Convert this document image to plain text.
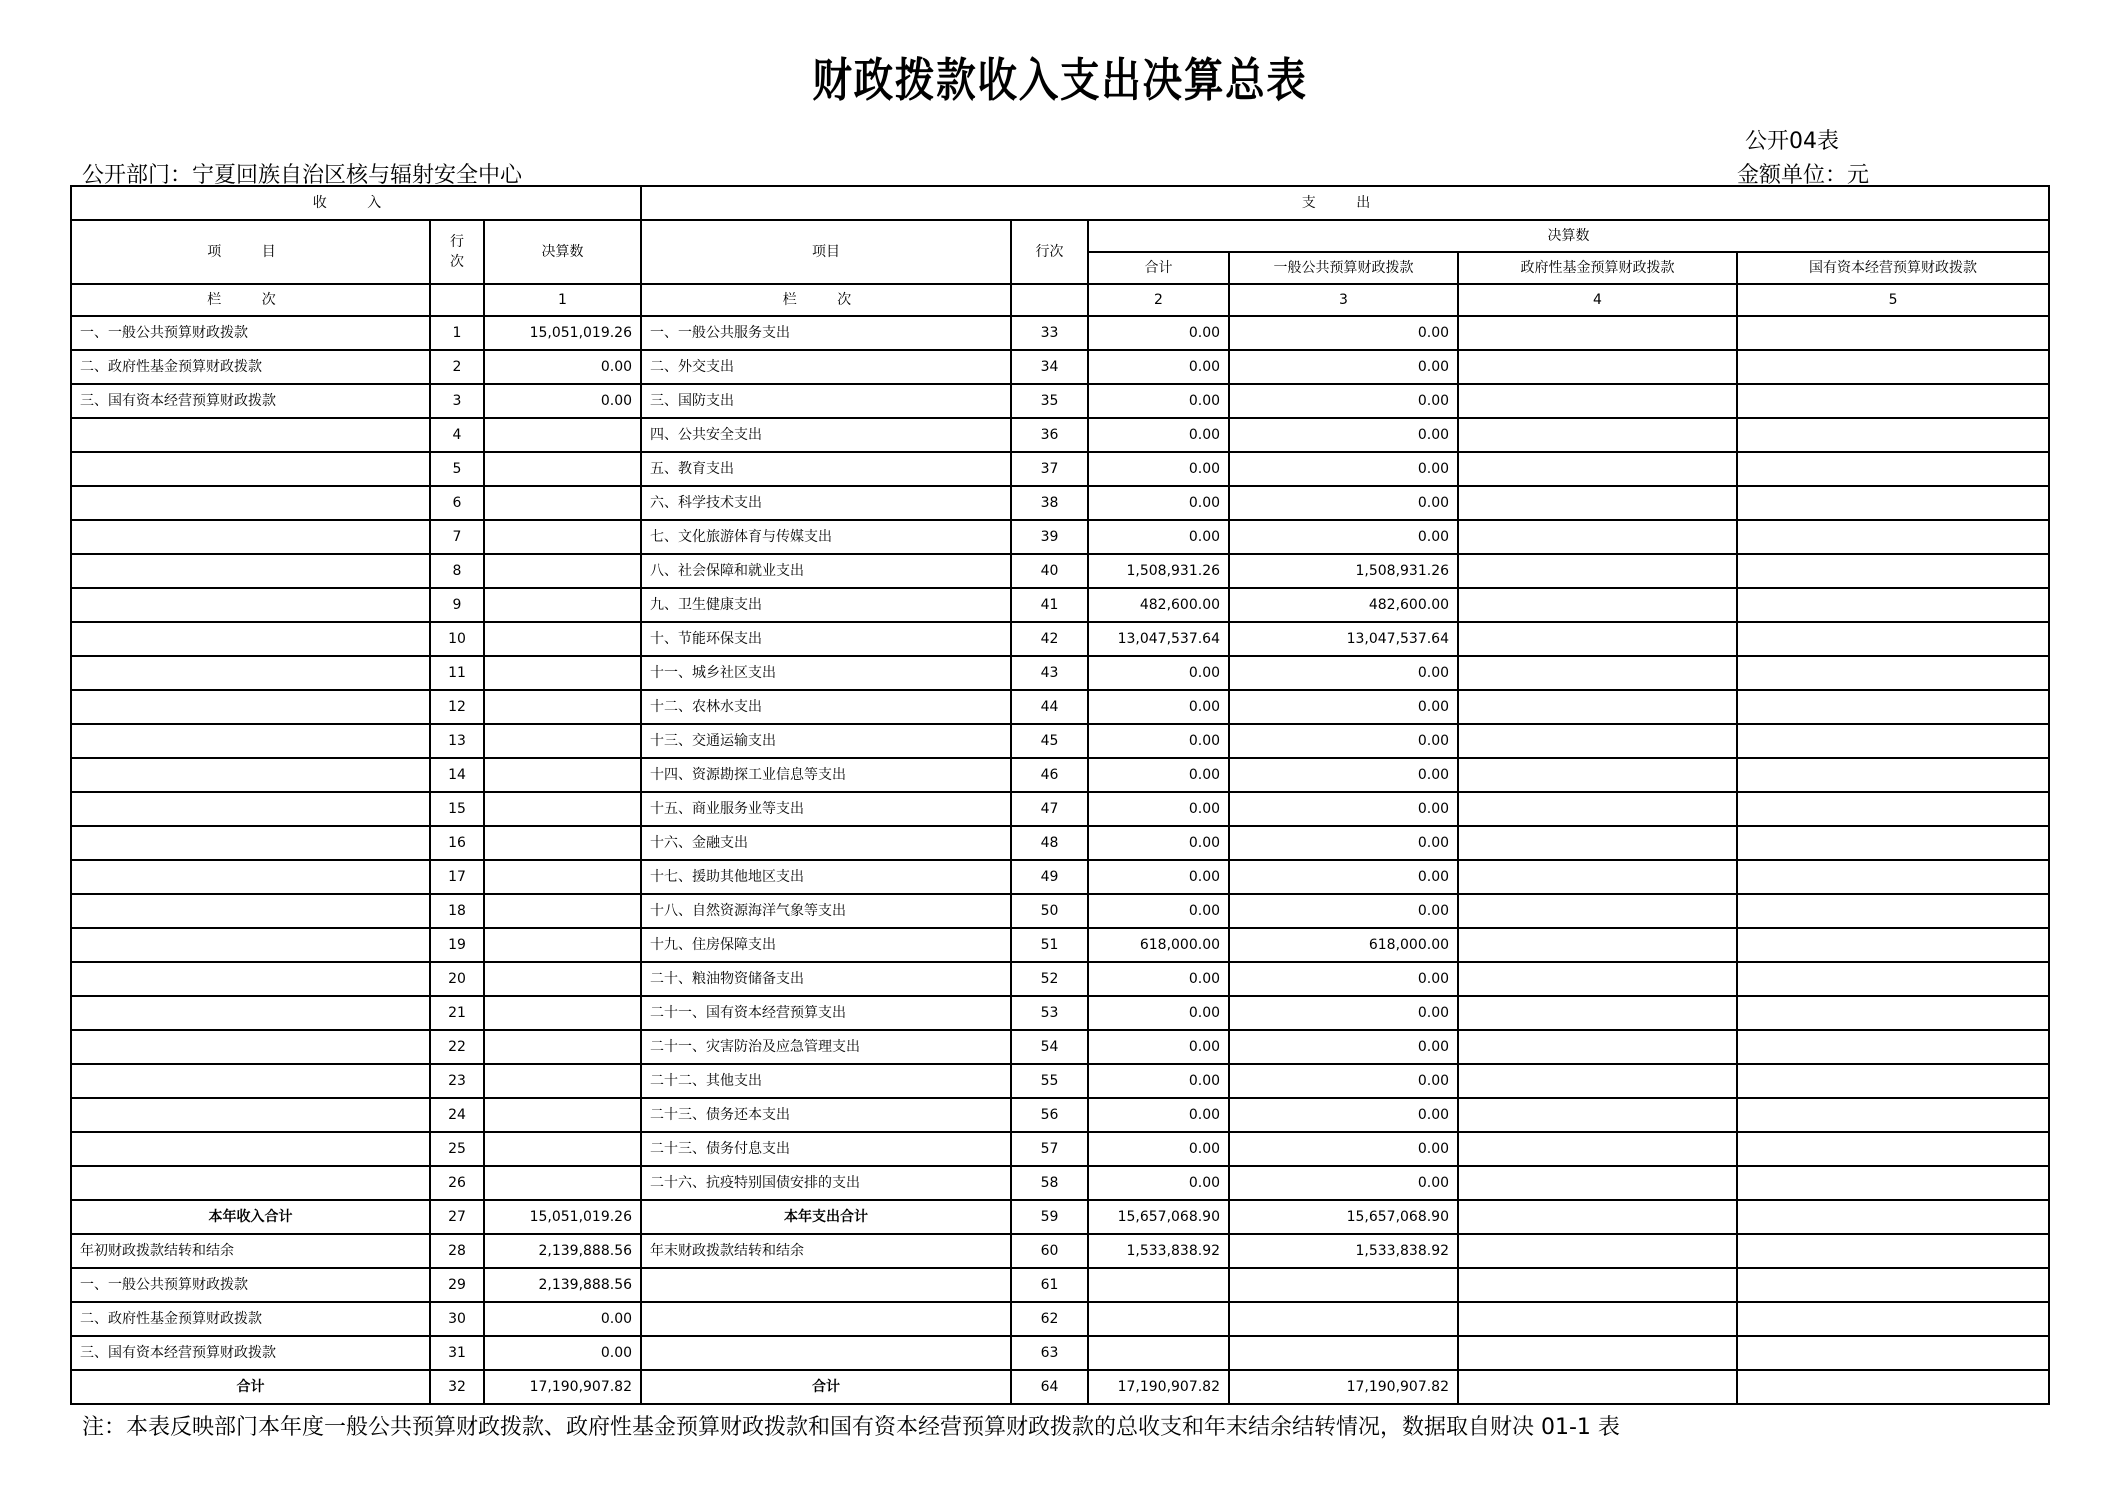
财政拨款收入支出决算总表
公开04表
公开部门：宁夏回族自治区核与辐射安全中心	金额单位：元
收 入			支 出					
项 目	行次	决算数	项目	行次	决算数			
					合计	一般公共预算财政拨款	政府性基金预算财政拨款	国有资本经营预算财政拨款
栏 次		1	栏 次		2	3	4	5
一、一般公共预算财政拨款	1	15,051,019.26	一、一般公共服务支出	33	0.00	0.00		
二、政府性基金预算财政拨款	2	0.00	二、外交支出	34	0.00	0.00		
三、国有资本经营预算财政拨款	3	0.00	三、国防支出	35	0.00	0.00		
	4		四、公共安全支出	36	0.00	0.00		
	5		五、教育支出	37	0.00	0.00		
	6		六、科学技术支出	38	0.00	0.00		
	7		七、文化旅游体育与传媒支出	39	0.00	0.00		
	8		八、社会保障和就业支出	40	1,508,931.26	1,508,931.26		
	9		九、卫生健康支出	41	482,600.00	482,600.00		
	10		十、节能环保支出	42	13,047,537.64	13,047,537.64		
	11		十一、城乡社区支出	43	0.00	0.00		
	12		十二、农林水支出	44	0.00	0.00		
	13		十三、交通运输支出	45	0.00	0.00		
	14		十四、资源勘探工业信息等支出	46	0.00	0.00		
	15		十五、商业服务业等支出	47	0.00	0.00		
	16		十六、金融支出	48	0.00	0.00		
	17		十七、援助其他地区支出	49	0.00	0.00		
	18		十八、自然资源海洋气象等支出	50	0.00	0.00		
	19		十九、住房保障支出	51	618,000.00	618,000.00		
	20		二十、粮油物资储备支出	52	0.00	0.00		
	21		二十一、国有资本经营预算支出	53	0.00	0.00		
	22		二十一、灾害防治及应急管理支出	54	0.00	0.00		
	23		二十二、其他支出	55	0.00	0.00		
	24		二十三、债务还本支出	56	0.00	0.00		
	25		二十三、债务付息支出	57	0.00	0.00		
	26		二十六、抗疫特别国债安排的支出	58	0.00	0.00		
本年收入合计	27	15,051,019.26	本年支出合计	59	15,657,068.90	15,657,068.90		
年初财政拨款结转和结余	28	2,139,888.56	年末财政拨款结转和结余	60	1,533,838.92	1,533,838.92		
一、一般公共预算财政拨款	29	2,139,888.56		61				
二、政府性基金预算财政拨款	30	0.00		62				
三、国有资本经营预算财政拨款	31	0.00		63				
合计	32	17,190,907.82	合计	64	17,190,907.82	17,190,907.82		
注：本表反映部门本年度一般公共预算财政拨款、政府性基金预算财政拨款和国有资本经营预算财政拨款的总收支和年末结余结转情况，数据取自财决 01-1 表
